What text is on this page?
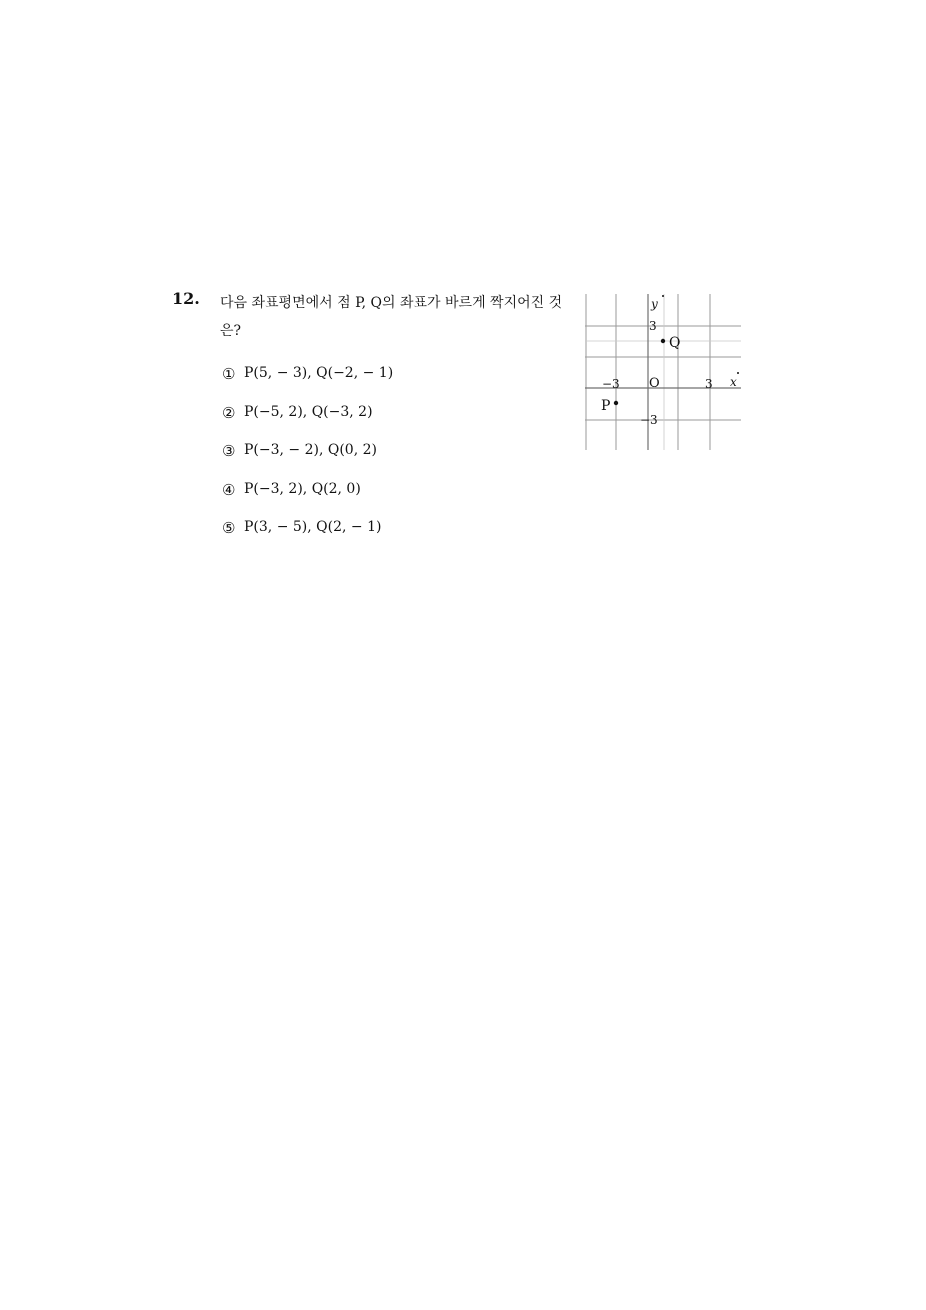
12. 다음 좌표평면에서 점 P, Q의 좌표가 바르게 짝지어진 것은?
① P(5, − 3), Q(−2, − 1)
② P(−5, 2), Q(−3, 2)
③ P(−3, − 2), Q(0, 2)
④ P(−3, 2), Q(2, 0)
⑤ P(3, − 5), Q(2, − 1)
y
x
O
−3	3
3
−3
Q
P
